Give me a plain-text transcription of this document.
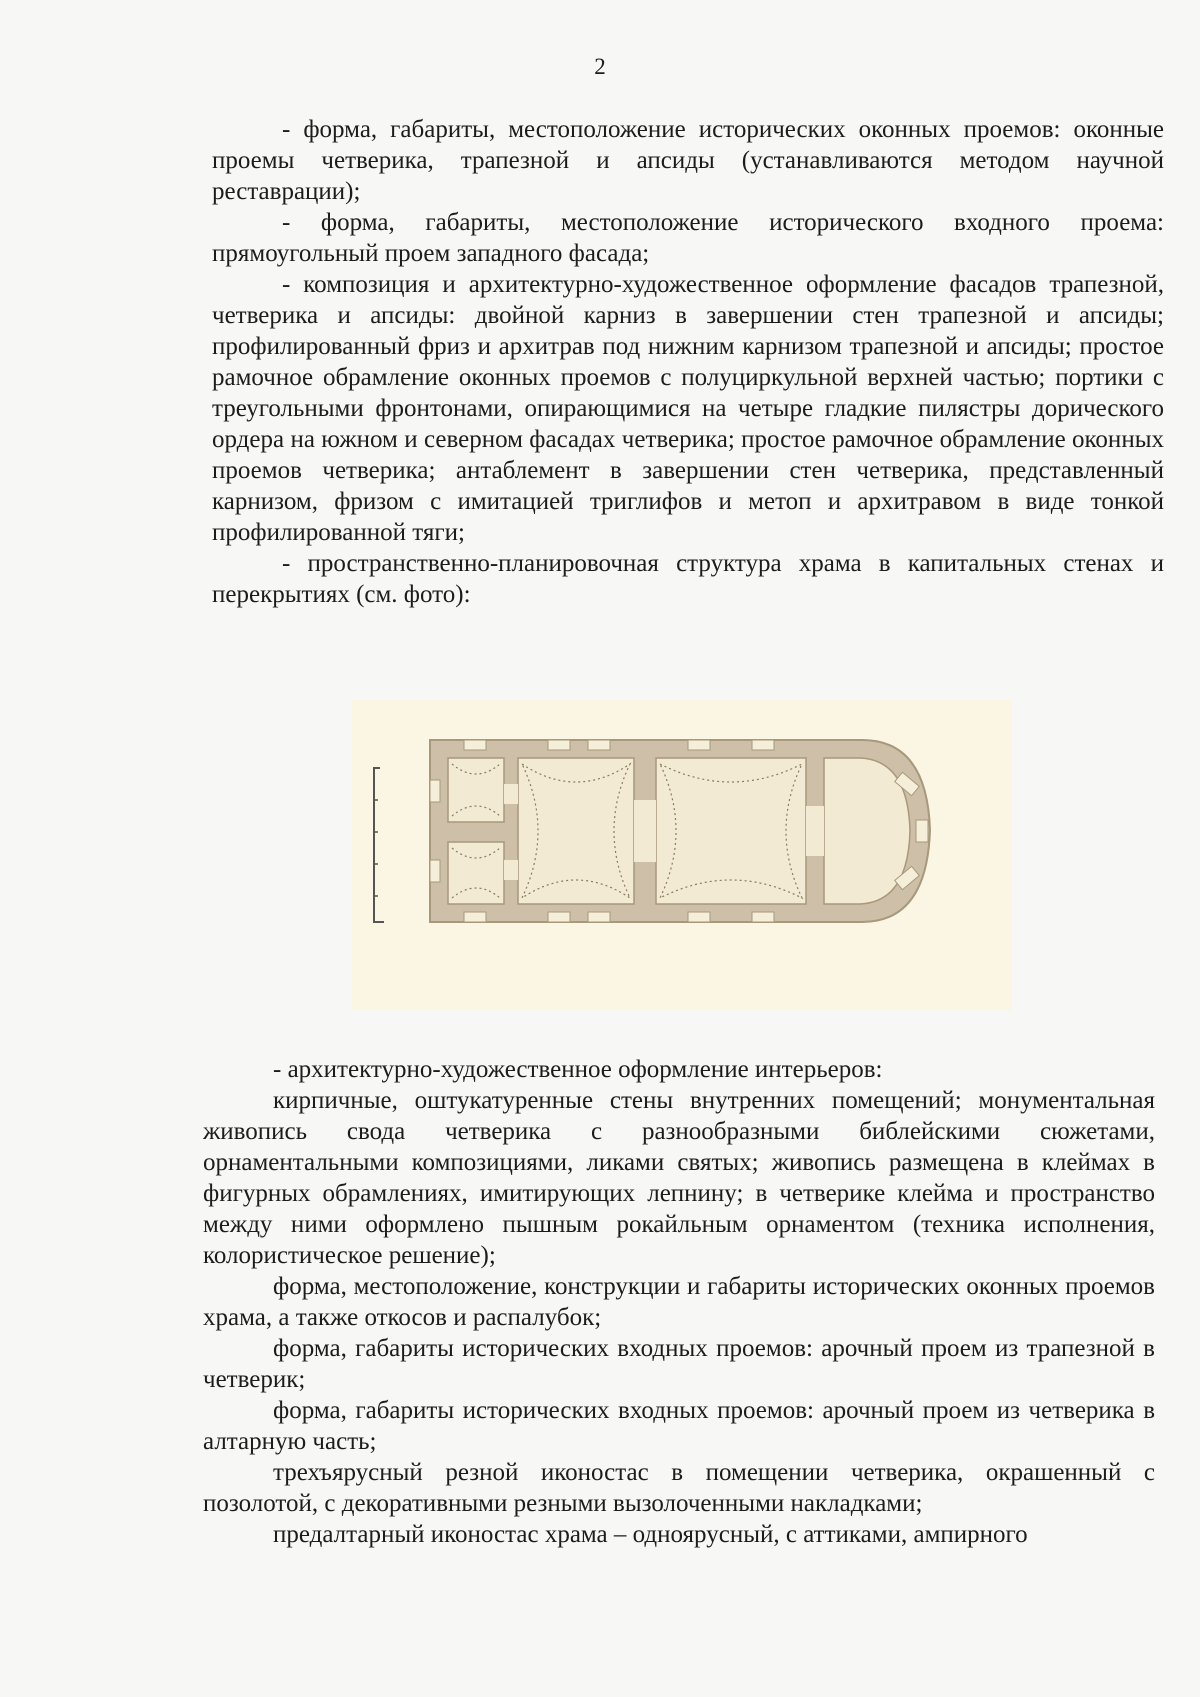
2

- форма, габариты, местоположение исторических оконных проемов: оконные проемы четверика, трапезной и апсиды (устанавливаются методом научной реставрации);

- форма, габариты, местоположение исторического входного проема: прямоугольный проем западного фасада;

- композиция и архитектурно-художественное оформление фасадов трапезной, четверика и апсиды: двойной карниз в завершении стен трапезной и апсиды; профилированный фриз и архитрав под нижним карнизом трапезной и апсиды; простое рамочное обрамление оконных проемов с полуциркульной верхней частью; портики с треугольными фронтонами, опирающимися на четыре гладкие пилястры дорического ордера на южном и северном фасадах четверика; простое рамочное обрамление оконных проемов четверика; антаблемент в завершении стен четверика, представленный карнизом, фризом с имитацией триглифов и метоп и архитравом в виде тонкой профилированной тяги;

- пространственно-планировочная структура храма в капитальных стенах и перекрытиях (см. фото):

- архитектурно-художественное оформление интерьеров:

кирпичные, оштукатуренные стены внутренних помещений; монументальная живопись свода четверика с разнообразными библейскими сюжетами, орнаментальными композициями, ликами святых; живопись размещена в клеймах в фигурных обрамлениях, имитирующих лепнину; в четверике клейма и пространство между ними оформлено пышным рокайльным орнаментом (техника исполнения, колористическое решение);

форма, местоположение, конструкции и габариты исторических оконных проемов храма, а также откосов и распалубок;

форма, габариты исторических входных проемов: арочный проем из трапезной в четверик;

форма, габариты исторических входных проемов: арочный проем из четверика в алтарную часть;

трехъярусный резной иконостас в помещении четверика, окрашенный с позолотой, с декоративными резными вызолоченными накладками;

предалтарный иконостас храма – одноярусный, с аттиками, ампирного
